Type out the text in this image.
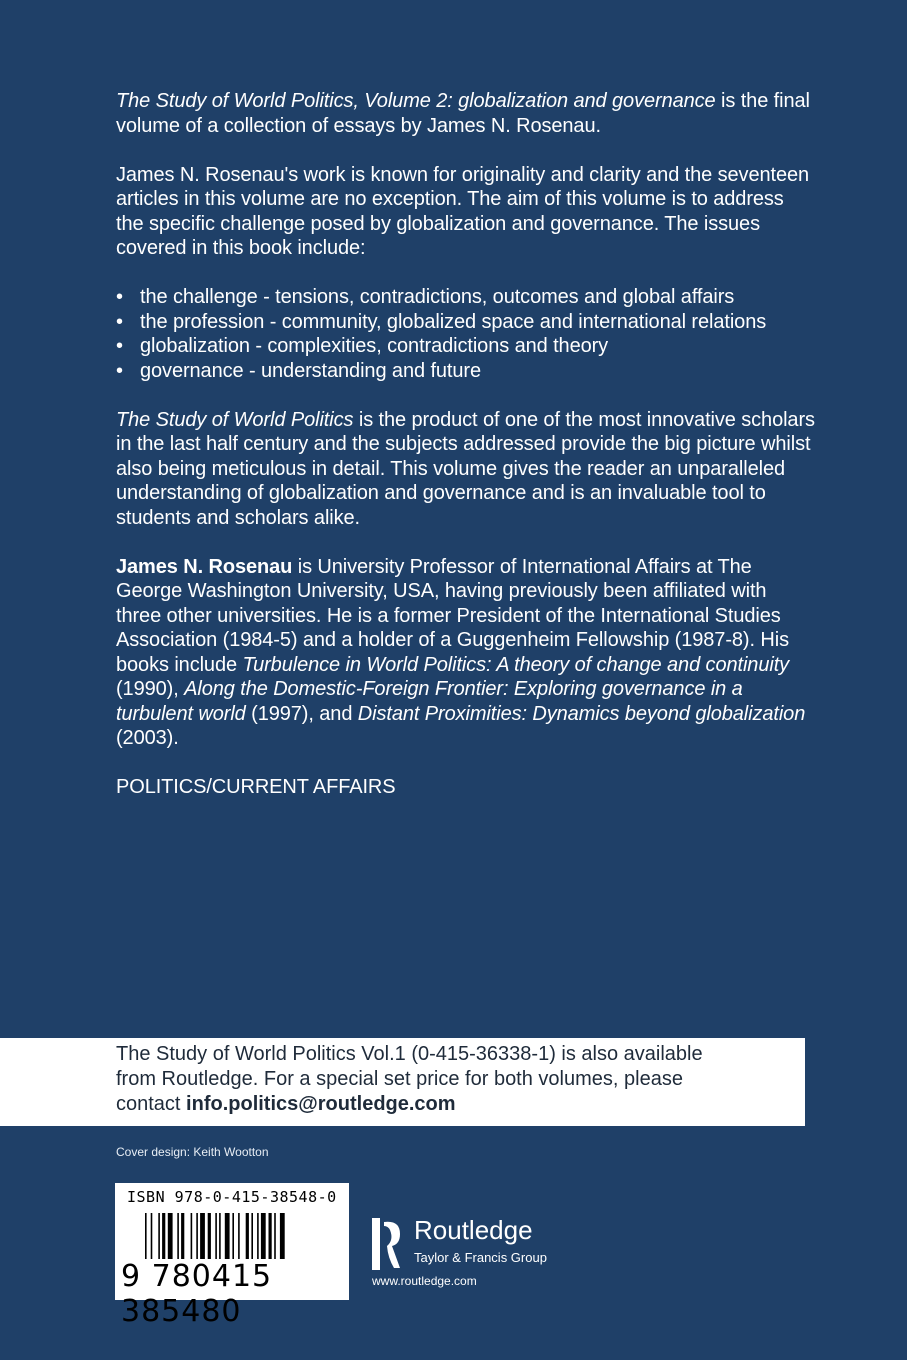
The Study of World Politics, Volume 2: globalization and governance is the final volume of a collection of essays by James N. Rosenau.

James N. Rosenau's work is known for originality and clarity and the seventeen articles in this volume are no exception. The aim of this volume is to address the specific challenge posed by globalization and governance. The issues covered in this book include:

• the challenge - tensions, contradictions, outcomes and global affairs
• the profession - community, globalized space and international relations
• globalization - complexities, contradictions and theory
• governance - understanding and future

The Study of World Politics is the product of one of the most innovative scholars in the last half century and the subjects addressed provide the big picture whilst also being meticulous in detail. This volume gives the reader an unparalleled understanding of globalization and governance and is an invaluable tool to students and scholars alike.

James N. Rosenau is University Professor of International Affairs at The George Washington University, USA, having previously been affiliated with three other universities. He is a former President of the International Studies Association (1984-5) and a holder of a Guggenheim Fellowship (1987-8). His books include Turbulence in World Politics: A theory of change and continuity (1990), Along the Domestic-Foreign Frontier: Exploring governance in a turbulent world (1997), and Distant Proximities: Dynamics beyond globalization (2003).

POLITICS/CURRENT AFFAIRS

The Study of World Politics Vol.1 (0-415-36338-1) is also available from Routledge. For a special set price for both volumes, please contact info.politics@routledge.com

Cover design: Keith Wootton
ISBN 978-0-415-38548-0
9 780415 385480
Routledge
Taylor & Francis Group
www.routledge.com
